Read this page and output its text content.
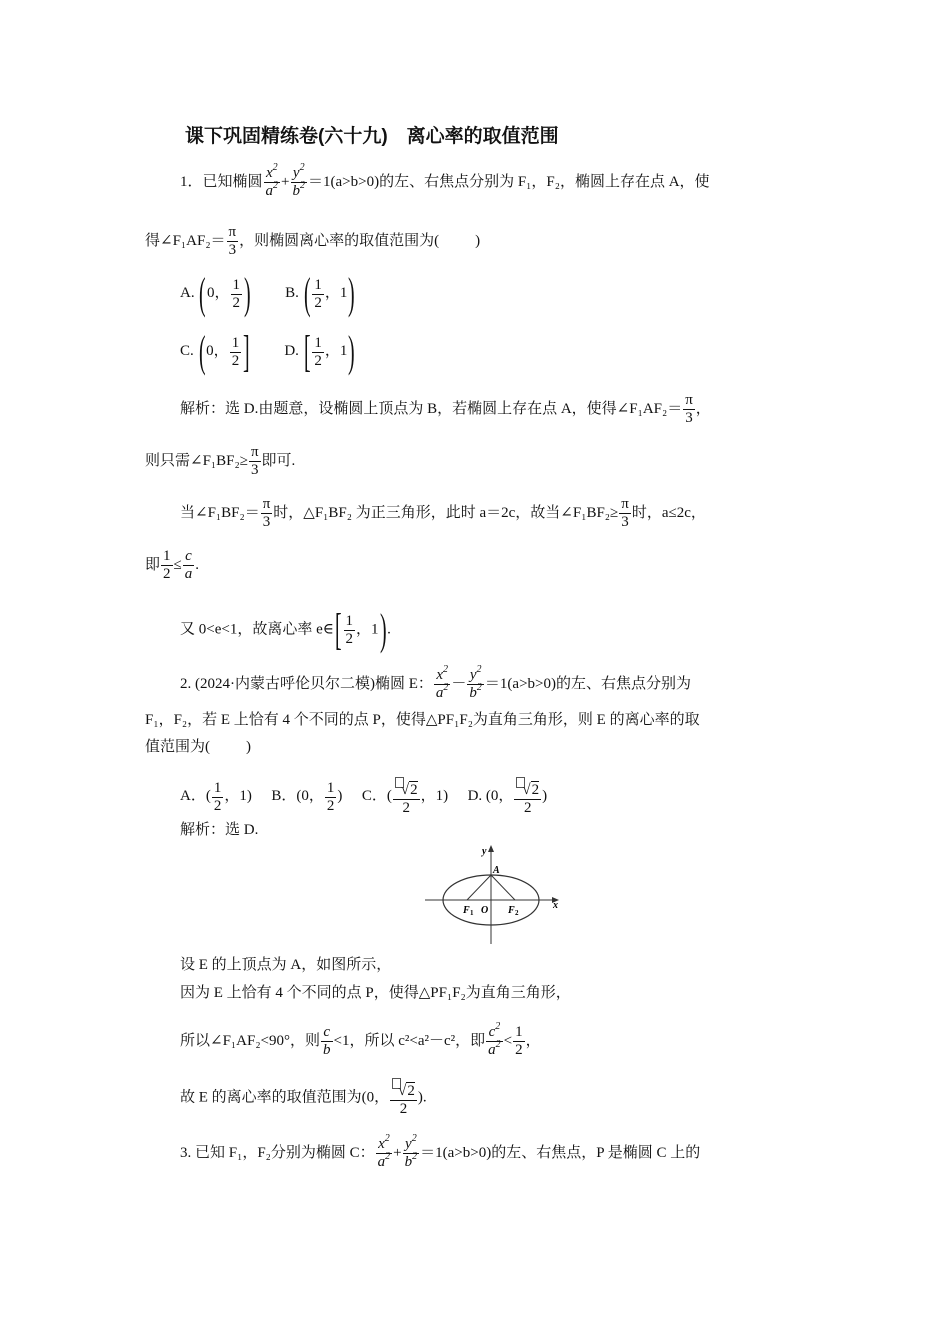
课下巩固精练卷(六十九)　离心率的取值范围
1．已知椭圆 $\frac{x^2}{a^2} + \frac{y^2}{b^2} =1(a>b>0)$的左、右焦点分别为 F₁，F₂，椭圆上存在点 A，使
得∠F₁AF₂＝ $\frac{\pi}{3}$ ，则椭圆离心率的取值范围为( )
A. (0， $\frac{1}{2}$ ) B. ( $\frac{1}{2}$ ，1)
C. (0， $\frac{1}{2}$ ] D. [ $\frac{1}{2}$ ，1)
解析：选 D.由题意，设椭圆上顶点为 B，若椭圆上存在点 A，使得∠F₁AF₂＝ $\frac{\pi}{3}$ ，
则只需∠F₁BF₂≥ $\frac{\pi}{3}$ 即可.
当∠F₁BF₂＝ $\frac{\pi}{3}$ 时，△F₁BF₂ 为正三角形，此时 a＝2c，故当∠F₁BF₂≥ $\frac{\pi}{3}$ 时，a≤2c，
即 $\frac{1}{2} \le \frac{c}{a}$ .
又 0<e<1，故离心率 e∈[ $\frac{1}{2}$ ，1).
2. (2024·内蒙古呼伦贝尔二模)椭圆 E： $\frac{x^2}{a^2} - \frac{y^2}{b^2} =1(a>b>0)$的左、右焦点分别为
F₁，F₂，若 E 上恰有 4 个不同的点 P，使得△PF₁F₂为直角三角形，则 E 的离心率的取
值范围为( )
A．( $\frac{1}{2}$ ，1) B．(0， $\frac{1}{2}$ ) C．( $\frac{√2}{2}$ ，1) D. (0， $\frac{√2}{2}$ )
解析：选 D.
y
x
A
F 1 O F 2
设 E 的上顶点为 A，如图所示，
因为 E 上恰有 4 个不同的点 P，使得△PF₁F₂为直角三角形，
所以∠F₁AF₂<90°，则 $\frac{c}{b} <1$，所以 c²<a²－c²，即 $\frac{c^2}{a^2} < \frac{1}{2}$ ，
故 E 的离心率的取值范围为(0， $\frac{√2}{2}$ ).
3. 已知 F₁，F₂分别为椭圆 C： $\frac{x^2}{a^2} + \frac{y^2}{b^2} =1(a>b>0)$的左、右焦点，P 是椭圆 C 上的
